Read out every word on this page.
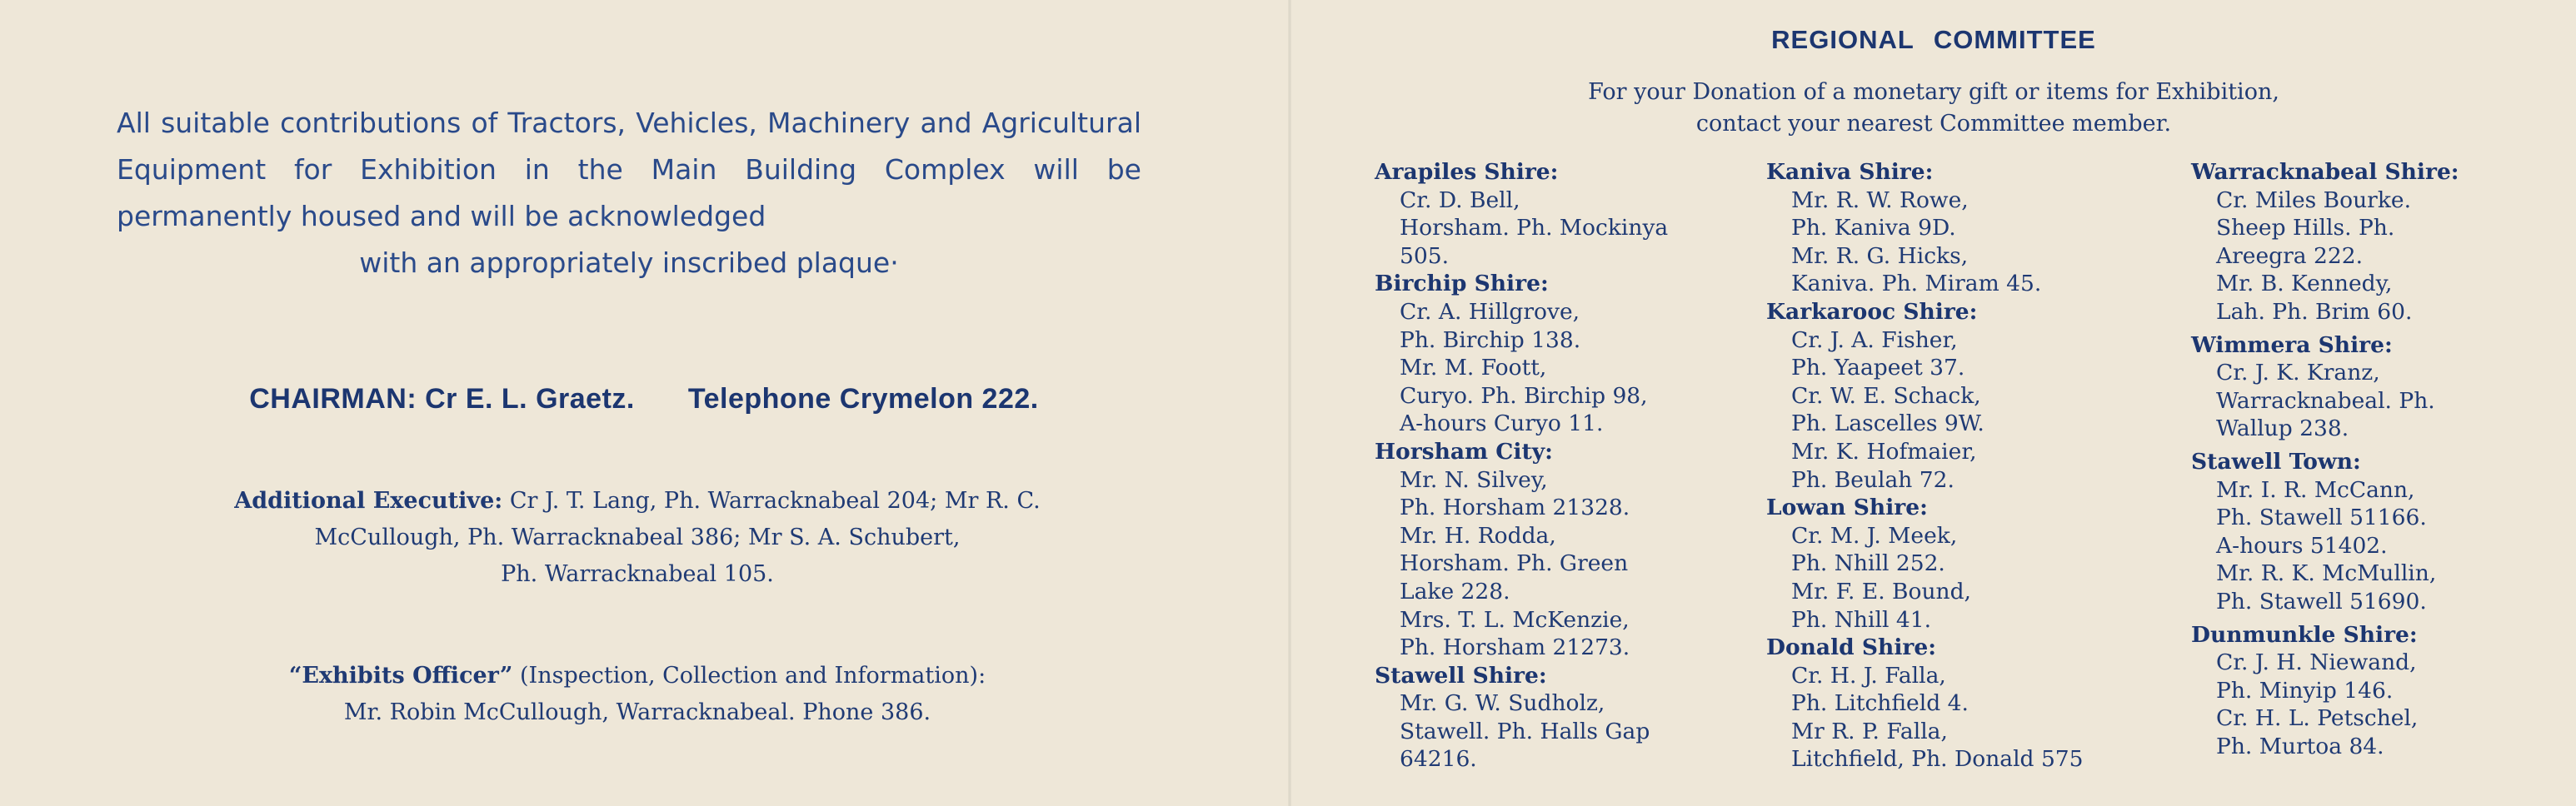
All suitable contributions of Tractors, Vehicles, Machinery and Agricultural Equipment for Exhibition in the Main Building Complex will be permanently housed and will be acknowledged
with an appropriately inscribed plaque·
CHAIRMAN: Cr E. L. Graetz. Telephone Crymelon 222.
Additional Executive: Cr J. T. Lang, Ph. Warracknabeal 204; Mr R. C.
McCullough, Ph. Warracknabeal 386; Mr S. A. Schubert,
Ph. Warracknabeal 105.
“Exhibits Officer” (Inspection, Collection and Information):
Mr. Robin McCullough, Warracknabeal. Phone 386.
REGIONAL COMMITTEE
For your Donation of a monetary gift or items for Exhibition,
contact your nearest Committee member.
Arapiles Shire:
Cr. D. Bell,
Horsham. Ph. Mockinya
505.
Birchip Shire:
Cr. A. Hillgrove,
Ph. Birchip 138.
Mr. M. Foott,
Curyo. Ph. Birchip 98,
A-hours Curyo 11.
Horsham City:
Mr. N. Silvey,
Ph. Horsham 21328.
Mr. H. Rodda,
Horsham. Ph. Green
Lake 228.
Mrs. T. L. McKenzie,
Ph. Horsham 21273.
Stawell Shire:
Mr. G. W. Sudholz,
Stawell. Ph. Halls Gap
64216.
Kaniva Shire:
Mr. R. W. Rowe,
Ph. Kaniva 9D.
Mr. R. G. Hicks,
Kaniva. Ph. Miram 45.
Karkarooc Shire:
Cr. J. A. Fisher,
Ph. Yaapeet 37.
Cr. W. E. Schack,
Ph. Lascelles 9W.
Mr. K. Hofmaier,
Ph. Beulah 72.
Lowan Shire:
Cr. M. J. Meek,
Ph. Nhill 252.
Mr. F. E. Bound,
Ph. Nhill 41.
Donald Shire:
Cr. H. J. Falla,
Ph. Litchfield 4.
Mr R. P. Falla,
Litchfield, Ph. Donald 575
Warracknabeal Shire:
Cr. Miles Bourke.
Sheep Hills. Ph.
Areegra 222.
Mr. B. Kennedy,
Lah. Ph. Brim 60.
Wimmera Shire:
Cr. J. K. Kranz,
Warracknabeal. Ph.
Wallup 238.
Stawell Town:
Mr. I. R. McCann,
Ph. Stawell 51166.
A-hours 51402.
Mr. R. K. McMullin,
Ph. Stawell 51690.
Dunmunkle Shire:
Cr. J. H. Niewand,
Ph. Minyip 146.
Cr. H. L. Petschel,
Ph. Murtoa 84.
